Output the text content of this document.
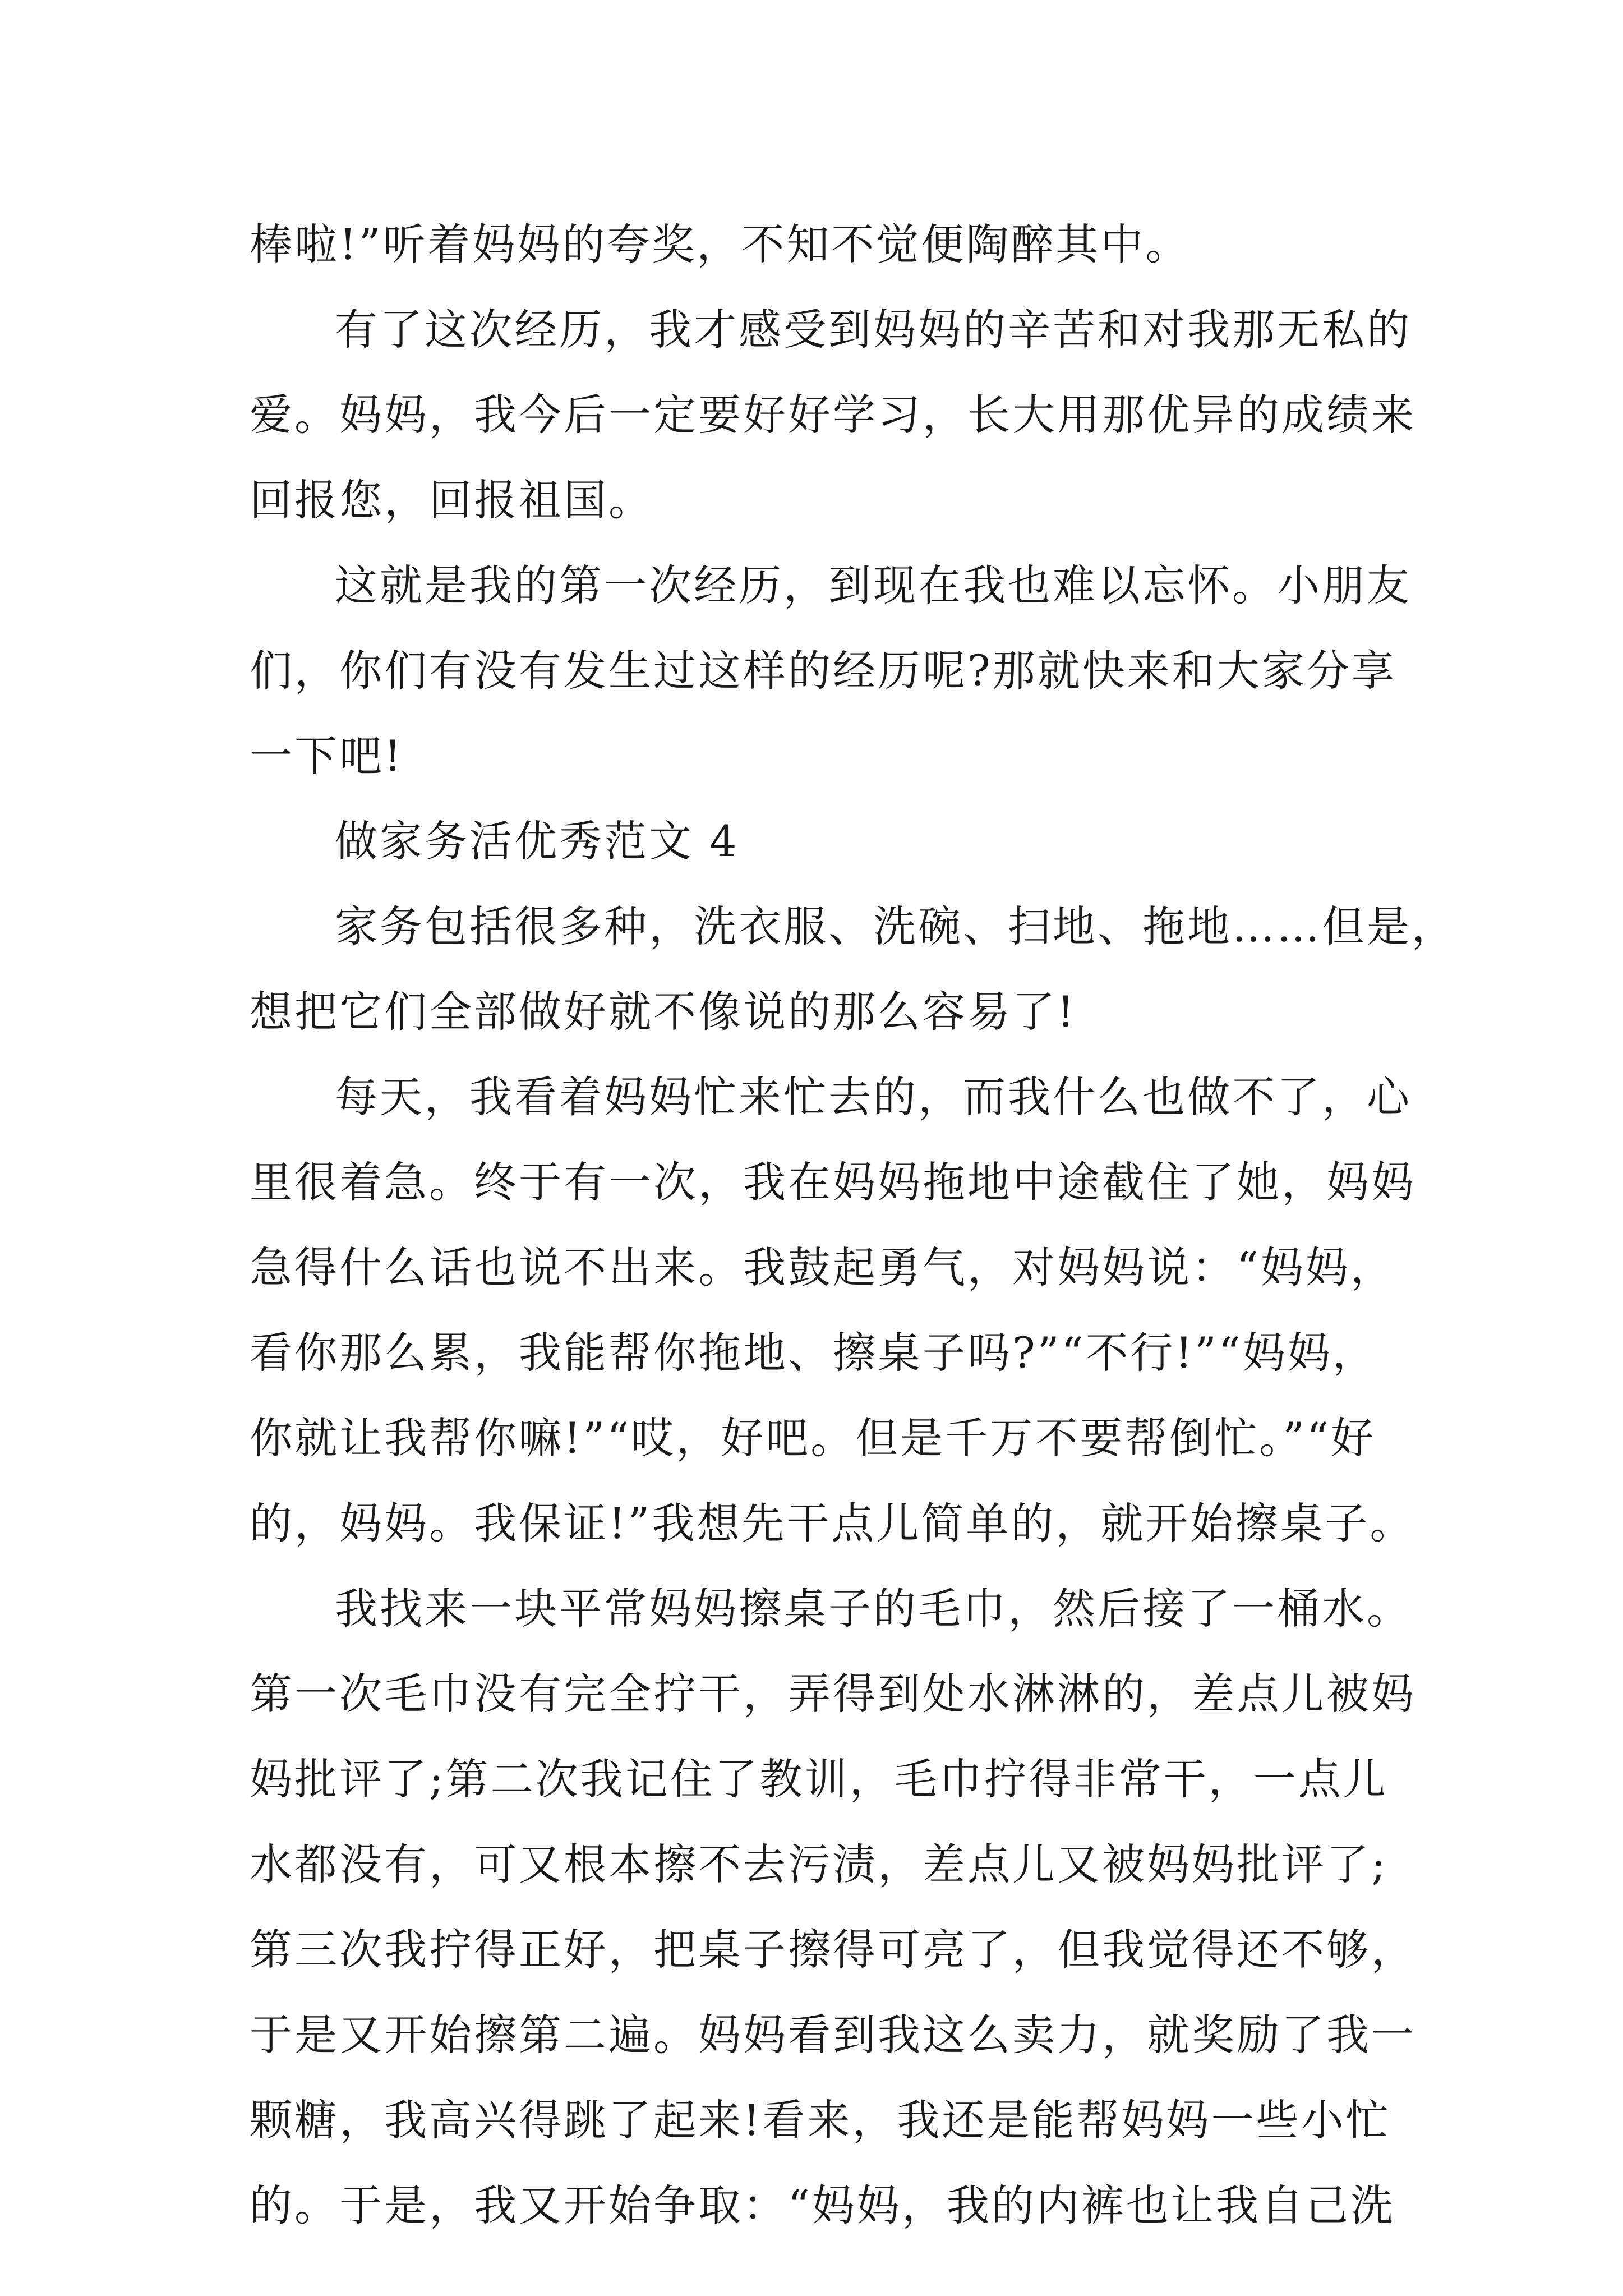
棒啦!”听着妈妈的夸奖，不知不觉便陶醉其中。
有了这次经历，我才感受到妈妈的辛苦和对我那无私的
爱。妈妈，我今后一定要好好学习，长大用那优异的成绩来
回报您，回报祖国。
这就是我的第一次经历，到现在我也难以忘怀。小朋友
们，你们有没有发生过这样的经历呢?那就快来和大家分享
一下吧!
做家务活优秀范文 4
家务包括很多种，洗衣服、洗碗、扫地、拖地……但是，
想把它们全部做好就不像说的那么容易了!
每天，我看着妈妈忙来忙去的，而我什么也做不了，心
里很着急。终于有一次，我在妈妈拖地中途截住了她，妈妈
急得什么话也说不出来。我鼓起勇气，对妈妈说：“妈妈，
看你那么累，我能帮你拖地、擦桌子吗?”“不行!”“妈妈，
你就让我帮你嘛!”“哎，好吧。但是千万不要帮倒忙。”“好
的，妈妈。我保证!”我想先干点儿简单的，就开始擦桌子。
我找来一块平常妈妈擦桌子的毛巾，然后接了一桶水。
第一次毛巾没有完全拧干，弄得到处水淋淋的，差点儿被妈
妈批评了;第二次我记住了教训，毛巾拧得非常干，一点儿
水都没有，可又根本擦不去污渍，差点儿又被妈妈批评了;
第三次我拧得正好，把桌子擦得可亮了，但我觉得还不够，
于是又开始擦第二遍。妈妈看到我这么卖力，就奖励了我一
颗糖，我高兴得跳了起来!看来，我还是能帮妈妈一些小忙
的。于是，我又开始争取：“妈妈，我的内裤也让我自己洗
